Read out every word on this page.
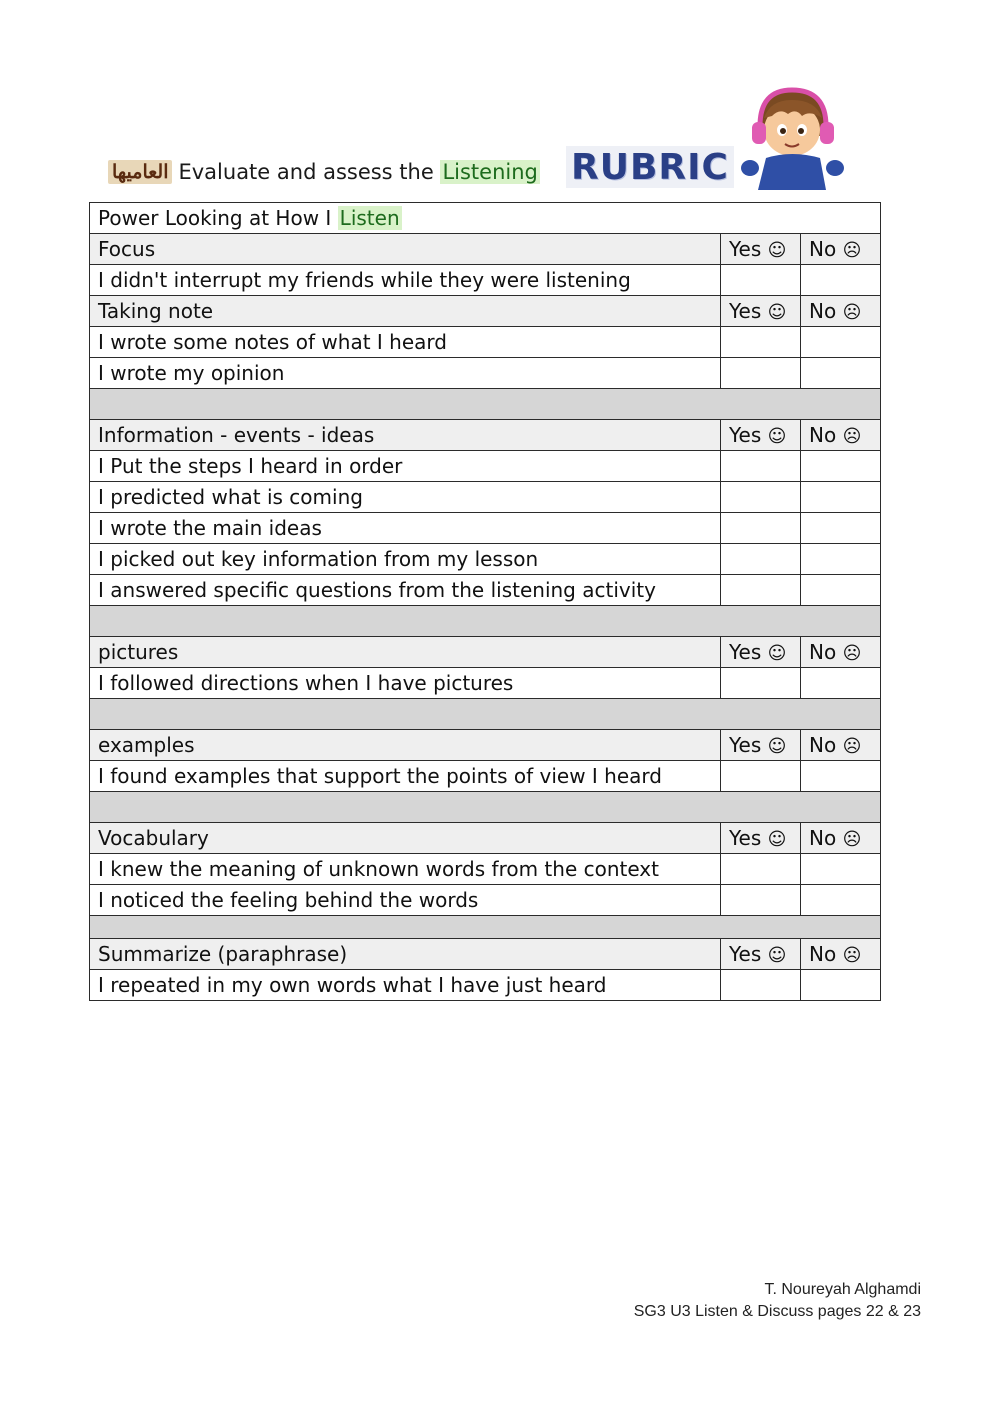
العاميها Evaluate and assess the Listening RUBRIC
Power Looking at How I Listen		
Focus	Yes ☺	No ☹
I didn't interrupt my friends while they were listening		
Taking note	Yes ☺	No ☹
I wrote some notes of what I heard		
I wrote my opinion		

Information - events - ideas	Yes ☺	No ☹
I Put the steps I heard in order		
I predicted what is coming		
I wrote the main ideas		
I picked out key information from my lesson		
I answered specific questions from the listening activity		

pictures	Yes ☺	No ☹
I followed directions when I have pictures		

examples	Yes ☺	No ☹
I found examples that support the points of view I heard		

Vocabulary	Yes ☺	No ☹
I knew the meaning of unknown words from the context		
I noticed the feeling behind the words		

Summarize (paraphrase)	Yes ☺	No ☹
I repeated in my own words what I have just heard		
T. Noureyah Alghamdi
SG3 U3 Listen & Discuss pages 22 & 23
